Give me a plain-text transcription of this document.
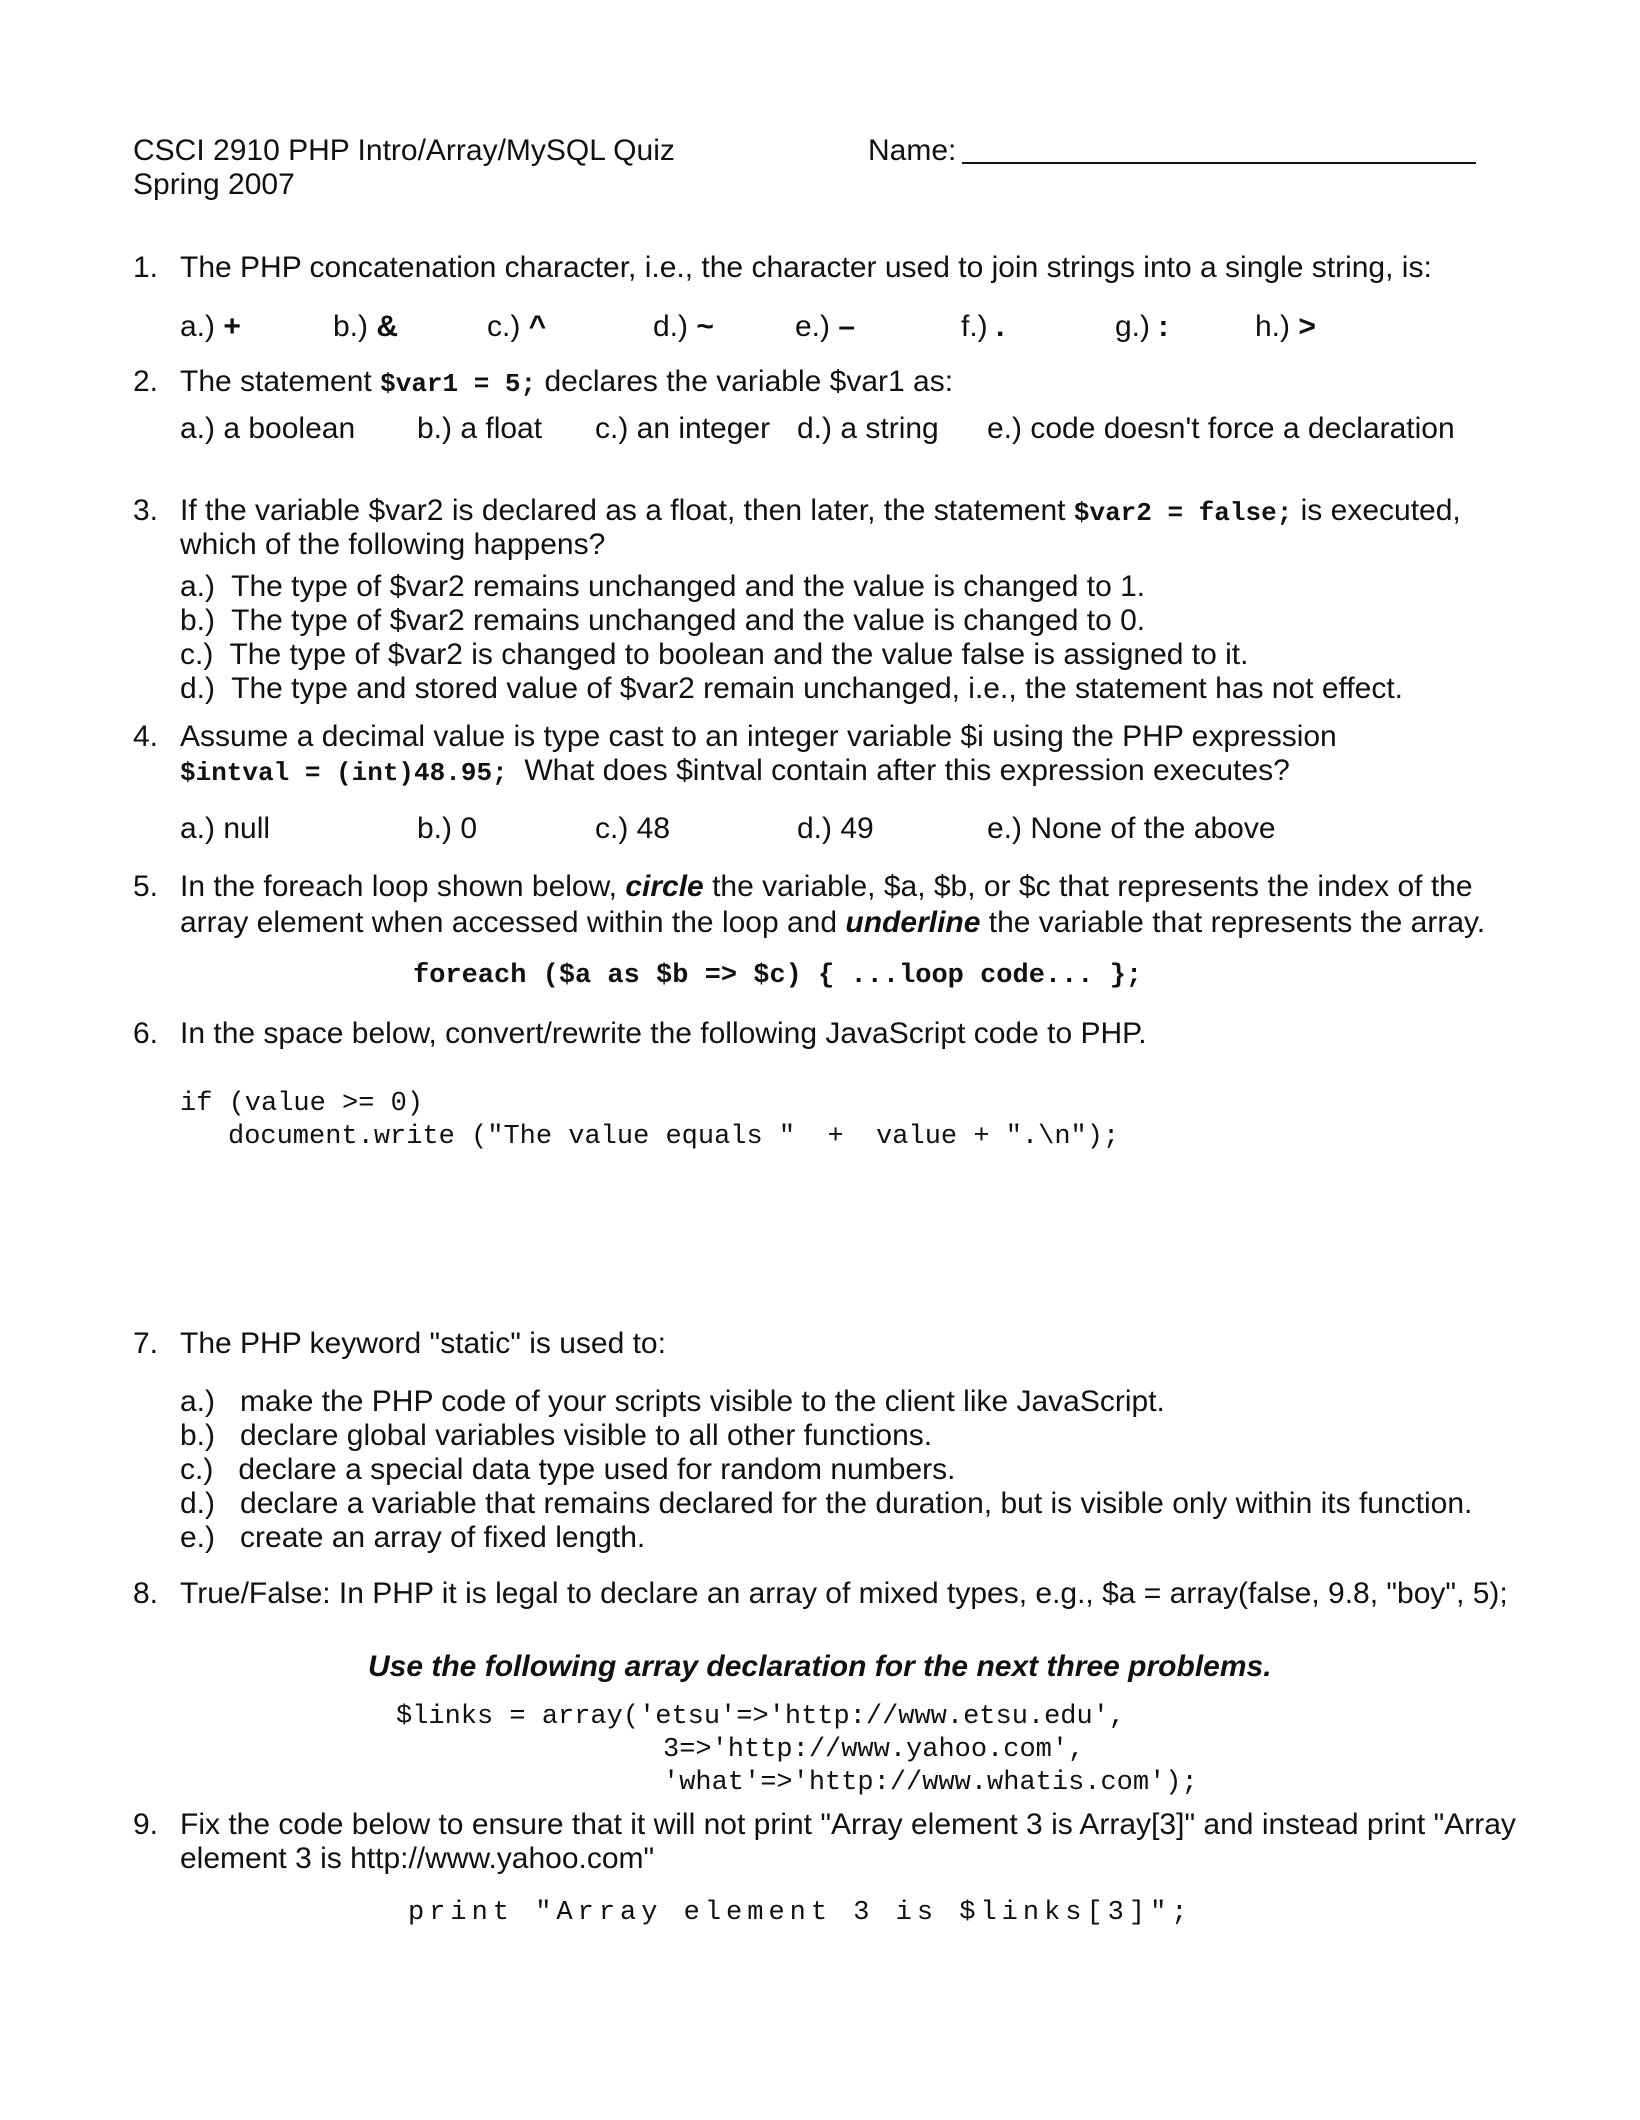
CSCI 2910 PHP Intro/Array/MySQL Quiz
Spring 2007
Name:
1. The PHP concatenation character, i.e., the character used to join strings into a single string, is:
a.) +	b.) &	c.) ^	d.) ~	e.) –	f.) .	g.) :	h.) >
2. The statement $var1 = 5; declares the variable $var1 as:
a.) a boolean b.) a float c.) an integer d.) a string e.) code doesn't force a declaration
3. If the variable $var2 is declared as a float, then later, the statement $var2 = false; is executed,
which of the following happens?
a.) The type of $var2 remains unchanged and the value is changed to 1.
b.) The type of $var2 remains unchanged and the value is changed to 0.
c.) The type of $var2 is changed to boolean and the value false is assigned to it.
d.) The type and stored value of $var2 remain unchanged, i.e., the statement has not effect.
4. Assume a decimal value is type cast to an integer variable $i using the PHP expression
$intval = (int)48.95; What does $intval contain after this expression executes?
a.) null	b.) 0	c.) 48	d.) 49	e.) None of the above
5. In the foreach loop shown below, circle the variable, $a, $b, or $c that represents the index of the
array element when accessed within the loop and underline the variable that represents the array.
foreach ($a as $b => $c) { ...loop code... };
6. In the space below, convert/rewrite the following JavaScript code to PHP.
if (value >= 0)
document.write ("The value equals "  +  value + ".\n");
7. The PHP keyword "static" is used to:
a.) make the PHP code of your scripts visible to the client like JavaScript.
b.) declare global variables visible to all other functions.
c.) declare a special data type used for random numbers.
d.) declare a variable that remains declared for the duration, but is visible only within its function.
e.) create an array of fixed length.
8. True/False: In PHP it is legal to declare an array of mixed types, e.g., $a = array(false, 9.8, "boy", 5);
Use the following array declaration for the next three problems.
$links = array('etsu'=>'http://www.etsu.edu',
3=>'http://www.yahoo.com',
'what'=>'http://www.whatis.com');
9. Fix the code below to ensure that it will not print "Array element 3 is Array[3]" and instead print "Array
element 3 is http://www.yahoo.com"
print "Array element 3 is $links[3]";
